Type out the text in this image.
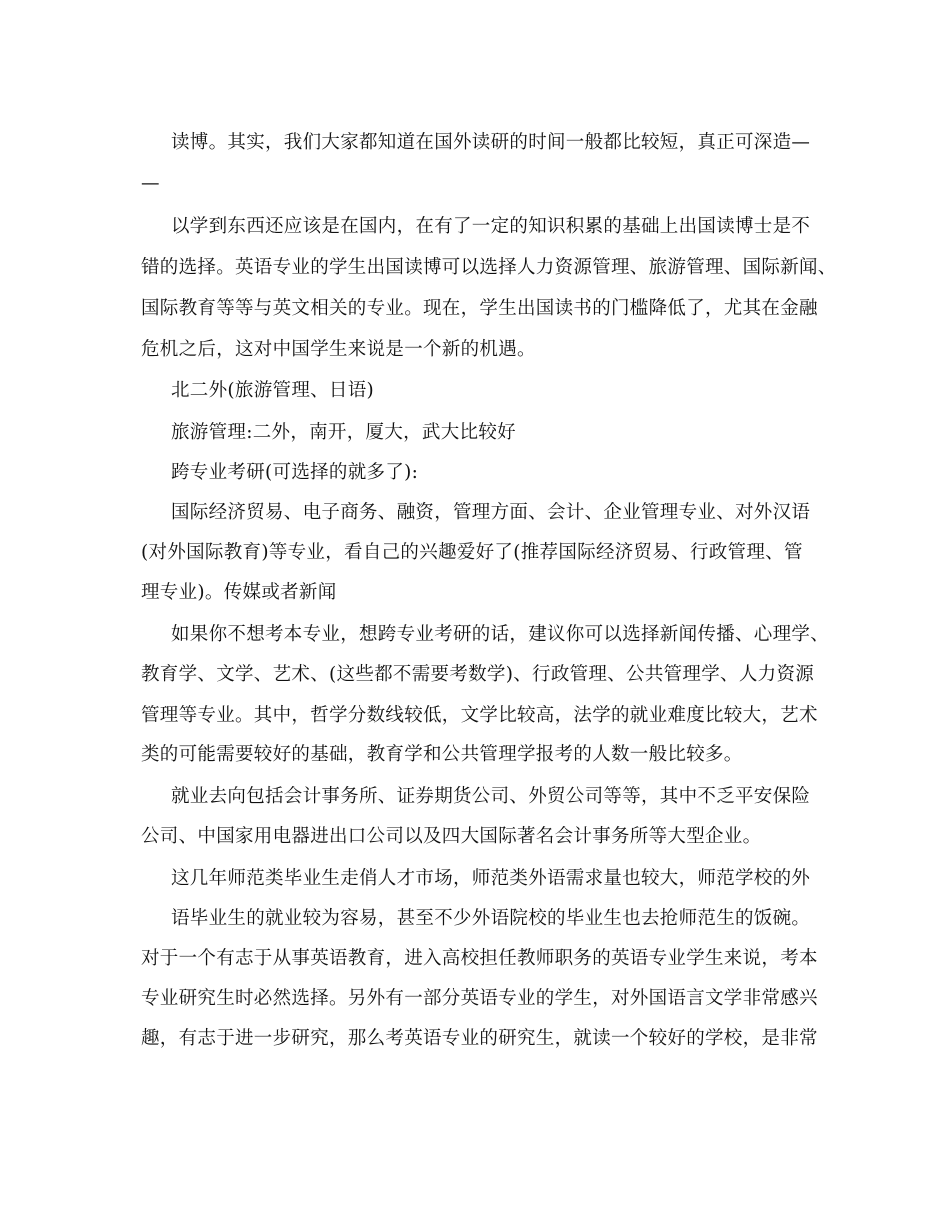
读博。其实，我们大家都知道在国外读研的时间一般都比较短，真正可深造—
—
以学到东西还应该是在国内，在有了一定的知识积累的基础上出国读博士是不
错的选择。英语专业的学生出国读博可以选择人力资源管理、旅游管理、国际新闻、
国际教育等等与英文相关的专业。现在，学生出国读书的门槛降低了，尤其在金融
危机之后，这对中国学生来说是一个新的机遇。
北二外(旅游管理、日语)
旅游管理:二外，南开，厦大，武大比较好
跨专业考研(可选择的就多了):
国际经济贸易、电子商务、融资，管理方面、会计、企业管理专业、对外汉语
(对外国际教育)等专业，看自己的兴趣爱好了(推荐国际经济贸易、行政管理、管
理专业)。传媒或者新闻
如果你不想考本专业，想跨专业考研的话，建议你可以选择新闻传播、心理学、
教育学、文学、艺术、(这些都不需要考数学)、行政管理、公共管理学、人力资源
管理等专业。其中，哲学分数线较低，文学比较高，法学的就业难度比较大，艺术
类的可能需要较好的基础，教育学和公共管理学报考的人数一般比较多。
就业去向包括会计事务所、证券期货公司、外贸公司等等，其中不乏平安保险
公司、中国家用电器进出口公司以及四大国际著名会计事务所等大型企业。
这几年师范类毕业生走俏人才市场，师范类外语需求量也较大，师范学校的外
语毕业生的就业较为容易，甚至不少外语院校的毕业生也去抢师范生的饭碗。
对于一个有志于从事英语教育，进入高校担任教师职务的英语专业学生来说，考本
专业研究生时必然选择。另外有一部分英语专业的学生，对外国语言文学非常感兴
趣，有志于进一步研究，那么考英语专业的研究生，就读一个较好的学校，是非常
